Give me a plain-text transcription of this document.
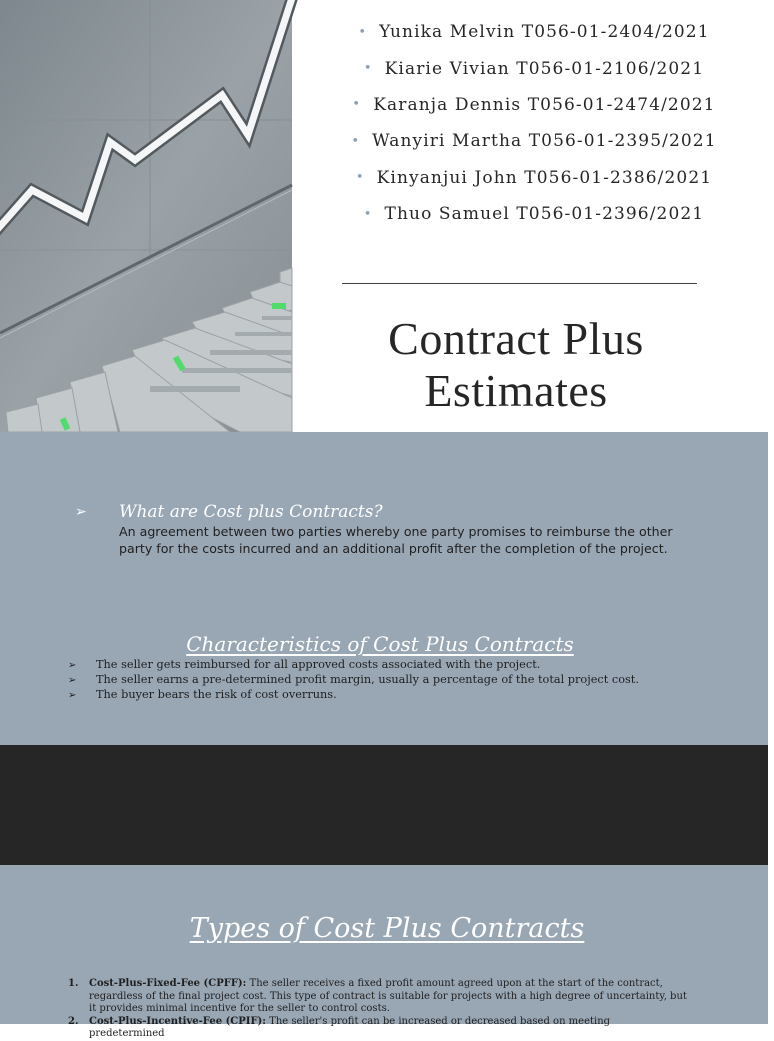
• Yunika Melvin T056-01-2404/2021
• Kiarie Vivian T056-01-2106/2021
• Karanja Dennis T056-01-2474/2021
• Wanyiri Martha T056-01-2395/2021
• Kinyanjui John T056-01-2386/2021
• Thuo Samuel T056-01-2396/2021
Contract Plus
Estimates
➢ What are Cost plus Contracts?
An agreement between two parties whereby one party promises to reimburse the other party for the costs incurred and an additional profit after the completion of the project.
Characteristics of Cost Plus Contracts
➢ The seller gets reimbursed for all approved costs associated with the project.
➢ The seller earns a pre-determined profit margin, usually a percentage of the total project cost.
➢ The buyer bears the risk of cost overruns.
Types of Cost Plus Contracts
1.	Cost-Plus-Fixed-Fee (CPFF): The seller receives a fixed profit amount agreed upon at the start of the contract, regardless of the final project cost. This type of contract is suitable for projects with a high degree of uncertainty, but it provides minimal incentive for the seller to control costs.
2.	Cost-Plus-Incentive-Fee (CPIF): The seller's profit can be increased or decreased based on meeting predetermined
